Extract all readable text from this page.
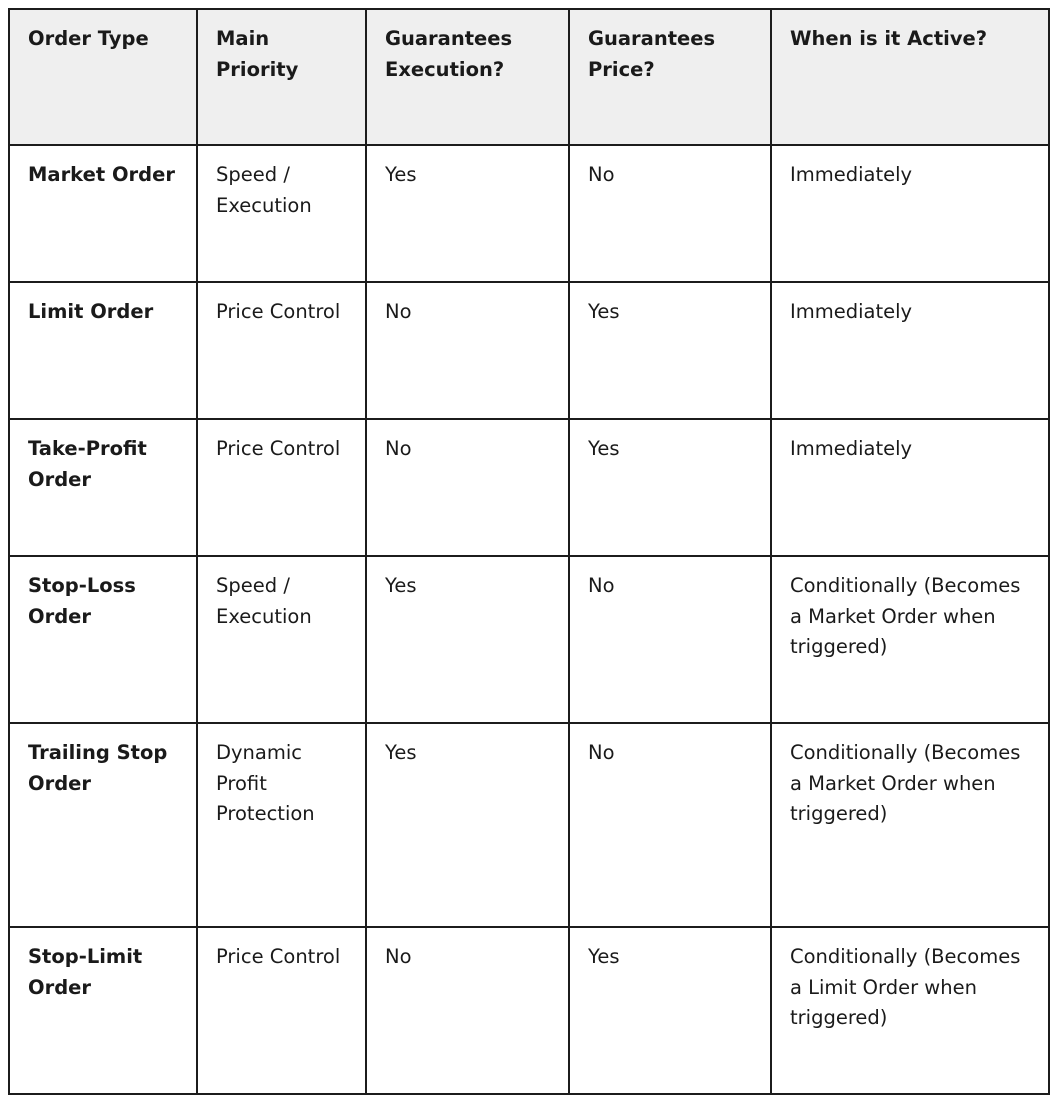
Order Type	Main Priority	Guarantees Execution?	Guarantees Price?	When is it Active?
Market Order	Speed / Execution	Yes	No	Immediately
Limit Order	Price Control	No	Yes	Immediately
Take-Profit Order	Price Control	No	Yes	Immediately
Stop-Loss Order	Speed / Execution	Yes	No	Conditionally (Becomes a Market Order when triggered)
Trailing Stop Order	Dynamic Profit Protection	Yes	No	Conditionally (Becomes a Market Order when triggered)
Stop-Limit Order	Price Control	No	Yes	Conditionally (Becomes a Limit Order when triggered)
